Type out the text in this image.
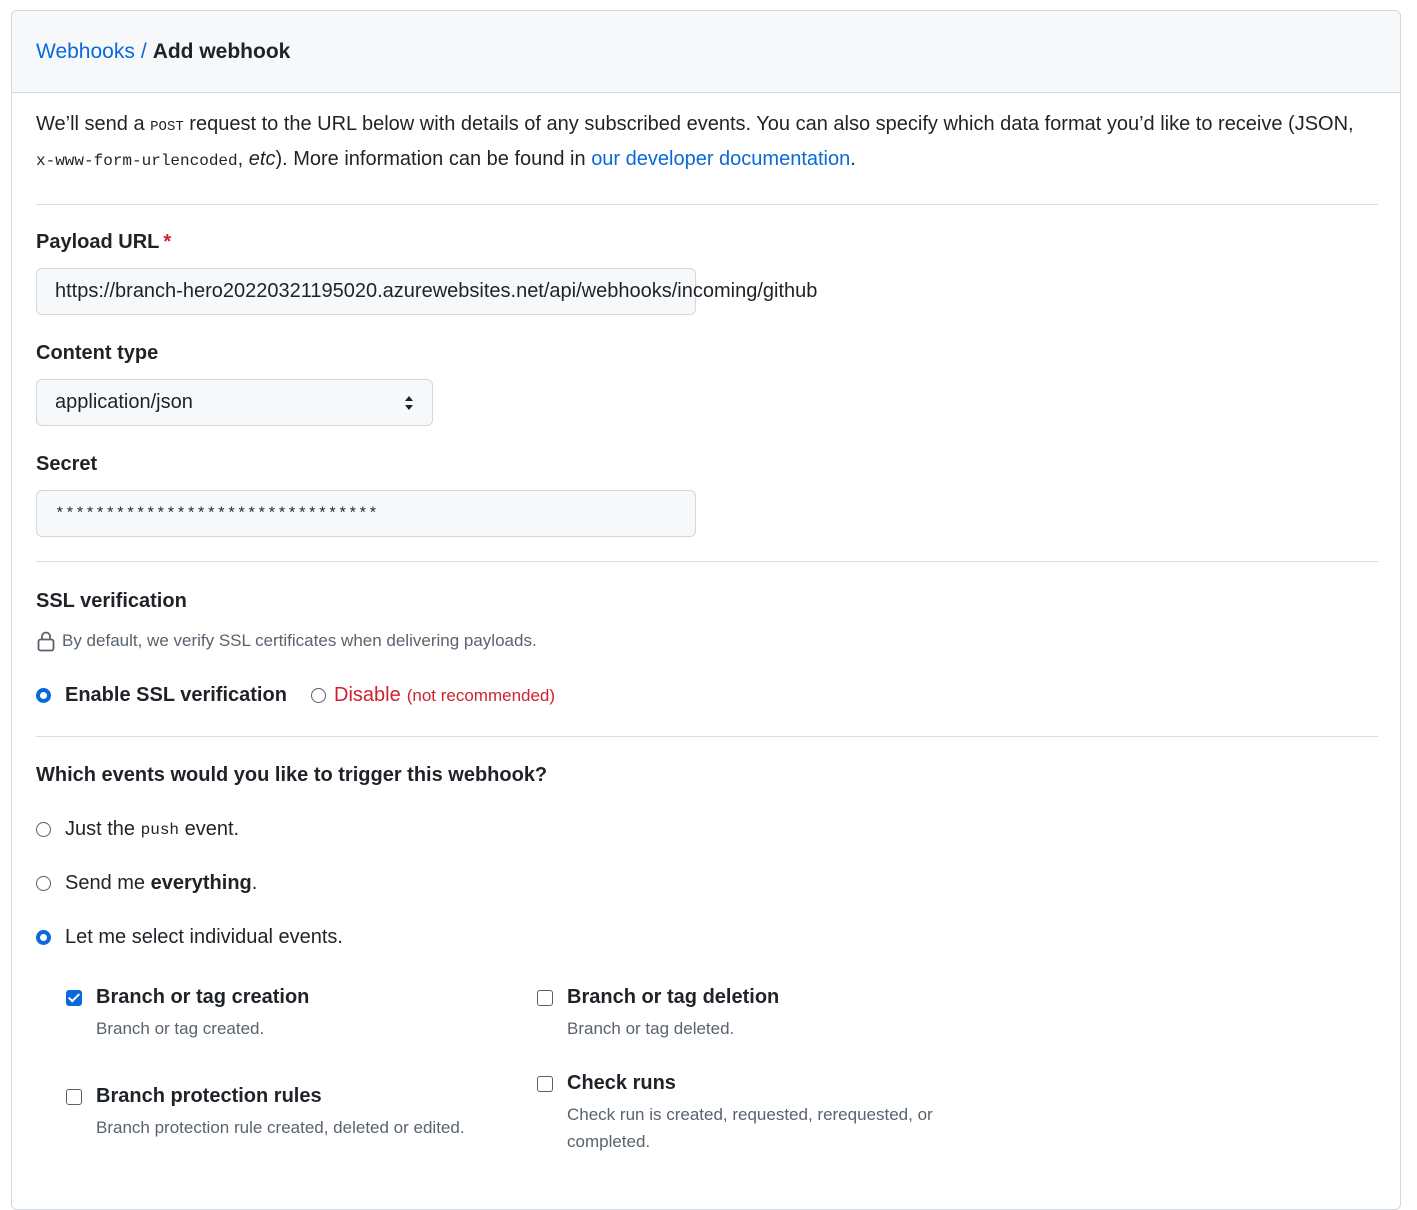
Webhooks / Add webhook
We’ll send a POST request to the URL below with details of any subscribed events. You can also specify which data format you’d like to receive (JSON, x-www-form-urlencoded, etc). More information can be found in our developer documentation.
Payload URL *
https://branch-hero20220321195020.azurewebsites.net/api/webhooks/incoming/github
Content type
application/json
Secret
********************************
SSL verification
By default, we verify SSL certificates when delivering payloads.
Enable SSL verification Disable (not recommended)
Which events would you like to trigger this webhook?
Just the push event.
Send me everything .
Let me select individual events.
Branch or tag creation
Branch or tag created.
Branch or tag deletion
Branch or tag deleted.
Branch protection rules
Branch protection rule created, deleted or edited.
Check runs
Check run is created, requested, rerequested, or completed.
